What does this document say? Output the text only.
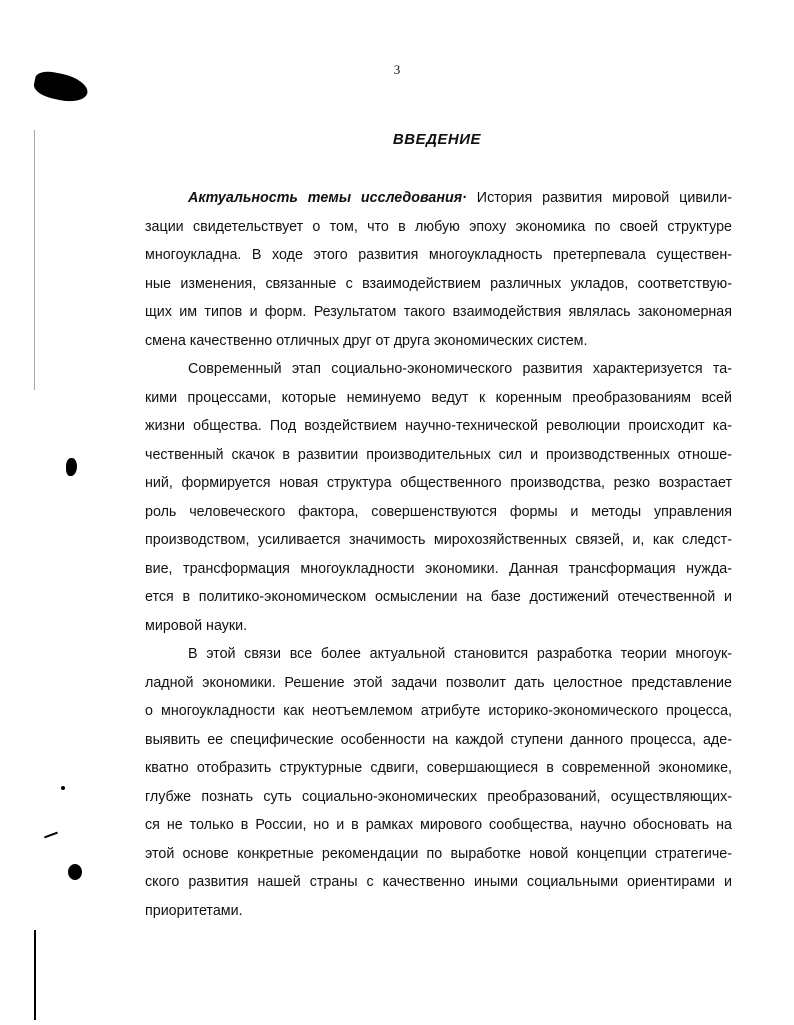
3
ВВЕДЕНИЕ
Актуальность темы исследования· История развития мировой цивили-
зации свидетельствует о том, что в любую эпоху экономика по своей структуре
многоукладна. В ходе этого развития многоукладность претерпевала существен-
ные изменения, связанные с взаимодействием различных укладов, соответствую-
щих им типов и форм. Результатом такого взаимодействия являлась закономерная
смена качественно отличных друг от друга экономических систем.
Современный этап социально-экономического развития характеризуется та-
кими процессами, которые неминуемо ведут к коренным преобразованиям всей
жизни общества. Под воздействием научно-технической революции происходит ка-
чественный скачок в развитии производительных сил и производственных отноше-
ний, формируется новая структура общественного производства, резко возрастает
роль человеческого фактора, совершенствуются формы и методы управления
производством, усиливается значимость мирохозяйственных связей, и, как следст-
вие, трансформация многоукладности экономики. Данная трансформация нужда-
ется в политико-экономическом осмыслении на базе достижений отечественной и
мировой науки.
В этой связи все более актуальной становится разработка теории многоук-
ладной экономики. Решение этой задачи позволит дать целостное представление
о многоукладности как неотъемлемом атрибуте историко-экономического процесса,
выявить ее специфические особенности на каждой ступени данного процесса, аде-
кватно отобразить структурные сдвиги, совершающиеся в современной экономике,
глубже познать суть социально-экономических преобразований, осуществляющих-
ся не только в России, но и в рамках мирового сообщества, научно обосновать на
этой основе конкретные рекомендации по выработке новой концепции стратегиче-
ского развития нашей страны с качественно иными социальными ориентирами и
приоритетами.
